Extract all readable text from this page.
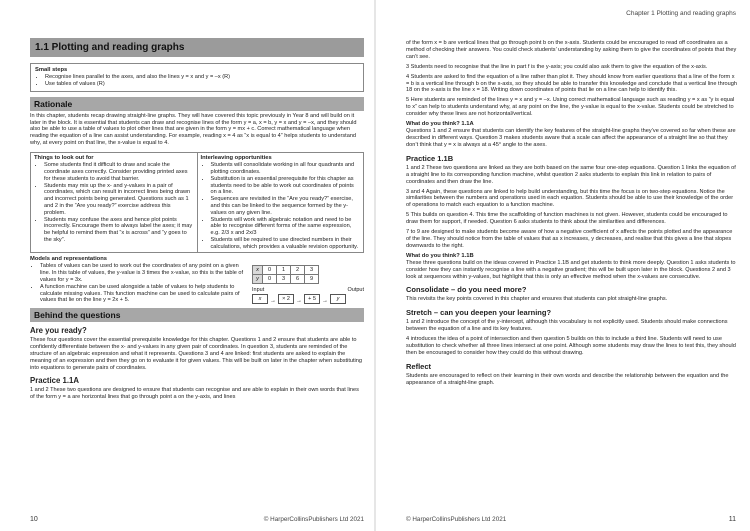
1.1 Plotting and reading graphs
Small steps
• Recognise lines parallel to the axes, and also the lines y = x and y = –x (R)
• Use tables of values (R)
Rationale

In this chapter, students recap drawing straight-line graphs. They will have covered this topic previously in Year 8 and will build on it later in the block. It is essential that students can draw and recognise lines of the form y = a, x = b, y = x and y = –x, and they should also be able to use a table of values to plot other lines that are given in the form y = mx + c. Correct mathematical language when reading the equation of a line can assist understanding. For example, reading x = 4 as “x is equal to 4” helps students to understand why, at every point on that line, the x-value is equal to 4.

Things to look out for
• Some students find it difficult to draw and scale the coordinate axes correctly. Consider providing printed axes for these students to avoid that barrier.
• Students may mix up the x- and y-values in a pair of coordinates, which can result in incorrect lines being drawn and incorrect points being generated. Questions such as 1 and 2 in the “Are you ready?” exercise address this problem.
• Students may confuse the axes and hence plot points incorrectly. Encourage them to always label the axes; it may be helpful to remind them that “x is across” and “y goes to the sky”.
Interleaving opportunities
• Students will consolidate working in all four quadrants and plotting coordinates.
• Substitution is an essential prerequisite for this chapter as students need to be able to work out coordinates of points on a line.
• Sequences are revisited in the “Are you ready?” exercise, and this can be linked to the sequence formed by the y-values on any given line.
• Students will work with algebraic notation and need to be able to recognise different forms of the same expression, e.g. 2/3 x and 2x/3
• Students will be required to use directed numbers in their calculations, which provides a valuable revision opportunity.
Models and representations
• Tables of values can be used to work out the coordinates of any point on a given line. In this table of values, the y-value is 3 times the x-value, so this is the table of values for y = 3x.
• A function machine can be used alongside a table of values to help students to calculate missing values. This function machine can be used to calculate pairs of values that lie on the line y = 2x + 5.
x	0	1	2	3
y	0	3	6	9
Input	Output
x	→	× 2	→	+ 5	→	y
Behind the questions
Are you ready?

These four questions cover the essential prerequisite knowledge for this chapter. Questions 1 and 2 ensure that students are able to confidently differentiate between the x- and y-values in any given pair of coordinates. In question 3, students are reminded of the structure of an algebraic expression and what it represents. Questions 3 and 4 are linked: first students are asked to explain the meaning of an expression and then they go on to evaluate it for given values. This will be built on later in the chapter when substituting into equations to generate pairs of coordinates.

Practice 1.1A

1 and 2 These two questions are designed to ensure that students can recognise and are able to explain in their own words that lines of the form y = a are horizontal lines that go through point a on the y-axis, and lines

10	© HarperCollinsPublishers Ltd 2021
Chapter 1 Plotting and reading graphs

of the form x = b are vertical lines that go through point b on the x-axis. Students could be encouraged to read off coordinates as a method of checking their answers. You could check students’ understanding by asking them to give the coordinates of points that they can’t see.

3 Students need to recognise that the line in part f is the y-axis; you could also ask them to give the equation of the x-axis.

4 Students are asked to find the equation of a line rather than plot it. They should know from earlier questions that a line of the form x = b is a vertical line through b on the x-axis, so they should be able to transfer this knowledge and conclude that a vertical line through 18 on the x-axis is the line x = 18. Writing down coordinates of points that lie on a line can help to identify this.

5 Here students are reminded of the lines y = x and y = –x. Using correct mathematical language such as reading y = x as “y is equal to x” can help to students understand why, at any point on the line, the y-value is equal to the x-value. Students could be stretched to consider why these lines are not horizontal/vertical.

What do you think? 1.1A

Questions 1 and 2 ensure that students can identify the key features of the straight-line graphs they’ve covered so far when these are described in different ways. Question 3 makes students aware that a scale can affect the appearance of a straight line so that they don’t think that y = x is always at a 45° angle to the axes.

Practice 1.1B

1 and 2 These two questions are linked as they are both based on the same four one-step equations. Question 1 links the equation of a straight line to its corresponding function machine, whilst question 2 asks students to explain this link in relation to pairs of coordinates and then draw the line.

3 and 4 Again, these questions are linked to help build understanding, but this time the focus is on two-step equations. Notice the similarities between the numbers and operations used in each equation. Students should be able to use their knowledge of the order of operations to match each equation to a function machine.

5 This builds on question 4. This time the scaffolding of function machines is not given. However, students could be encouraged to draw them for support, if needed. Question 6 asks students to think about the similarities and differences.

7 to 9 are designed to make students become aware of how a negative coefficient of x affects the points plotted and the appearance of the line. They should notice from the table of values that as x increases, y decreases, and realise that this gives a line that slopes downwards to the right.

What do you think? 1.1B

These three questions build on the ideas covered in Practice 1.1B and get students to think more deeply. Question 1 asks students to consider how they can instantly recognise a line with a negative gradient; this will be built upon later in the block. Questions 2 and 3 look at sequences within y-values, but highlight that this is only an effective method when the x-values are consecutive.

Consolidate – do you need more?

This revisits the key points covered in this chapter and ensures that students can plot straight-line graphs.

Stretch – can you deepen your learning?

1 and 2 introduce the concept of the y-intercept, although this vocabulary is not explicitly used. Students should make connections between the equation of a line and its key features.

4 introduces the idea of a point of intersection and then question 5 builds on this to include a third line. Students will need to use substitution to check whether all three lines intersect at one point. Although some students may draw the lines to test this, they should then be encouraged to consider how they could do this without drawing.

Reflect

Students are encouraged to reflect on their learning in their own words and describe the relationship between the equation and the appearance of a straight-line graph.

© HarperCollinsPublishers Ltd 2021	11
